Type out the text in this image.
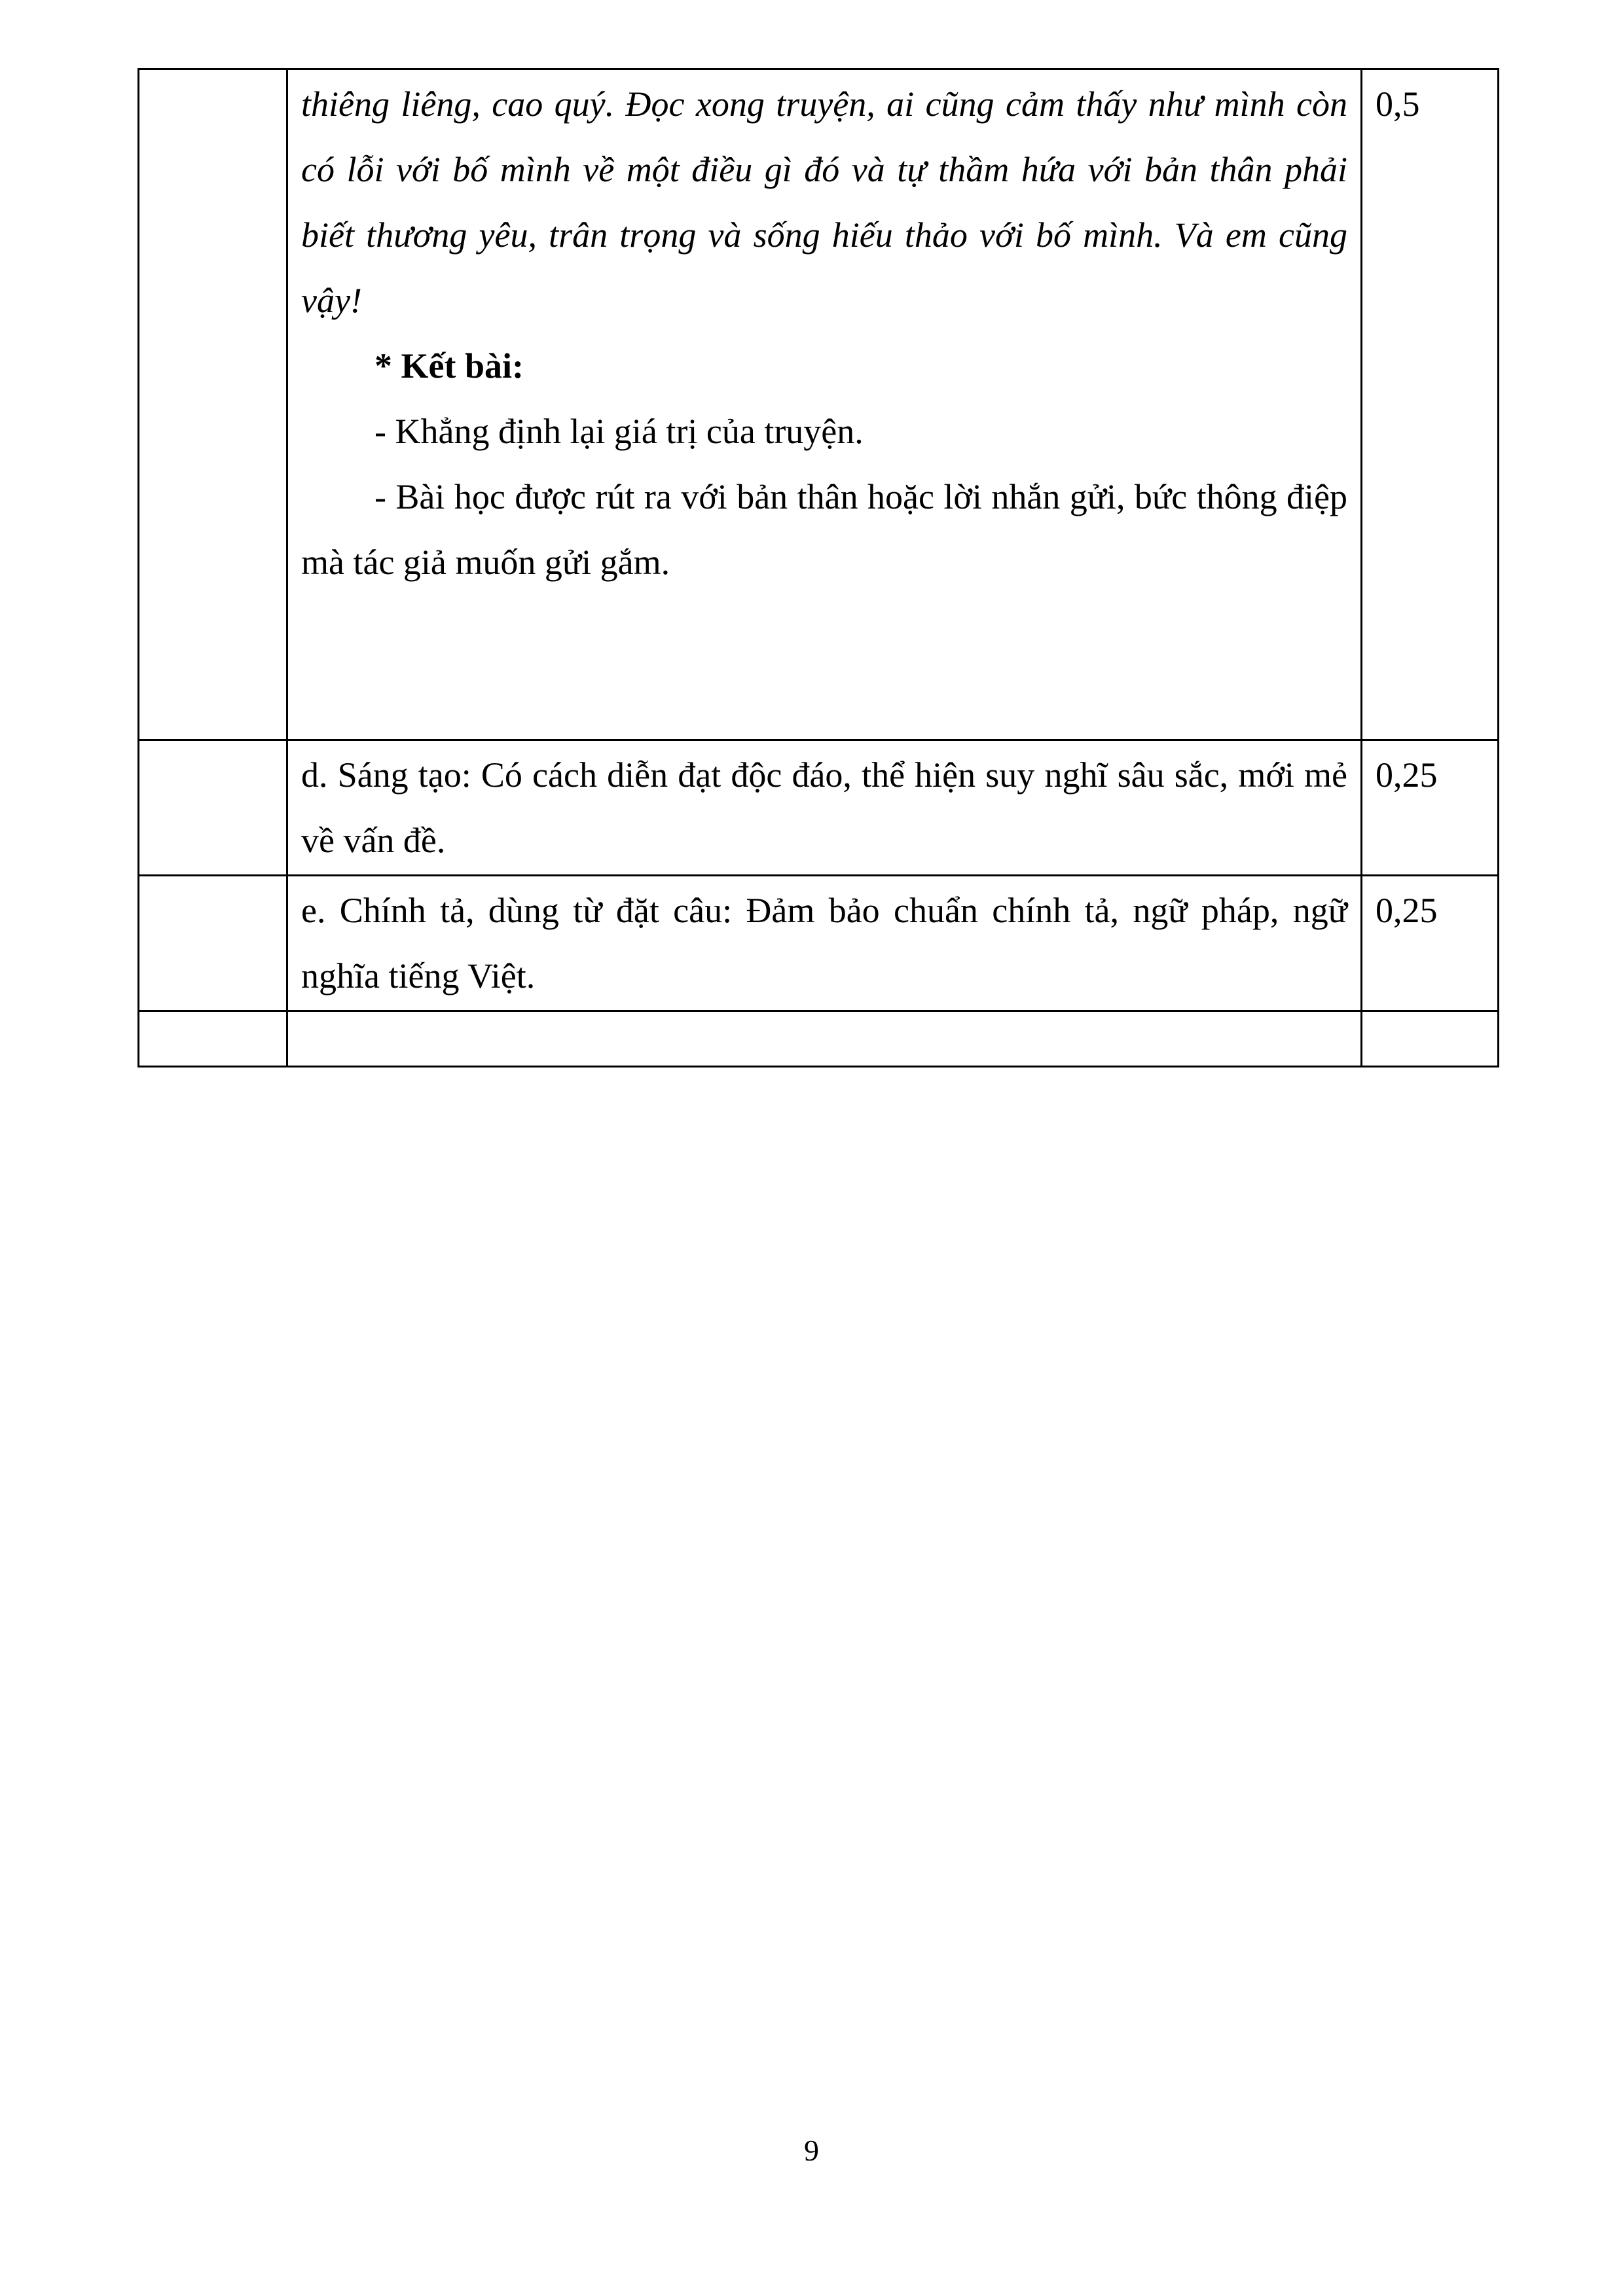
	thiêng liêng, cao quý. Đọc xong truyện, ai cũng cảm thấy như mình còn có lỗi với bố mình về một điều gì đó và tự thầm hứa với bản thân phải biết thương yêu, trân trọng và sống hiếu thảo với bố mình. Và em cũng vậy!

* Kết bài:

- Khẳng định lại giá trị của truyện.

- Bài học được rút ra với bản thân hoặc lời nhắn gửi, bức thông điệp mà tác giả muốn gửi gắm.	0,5

	d. Sáng tạo: Có cách diễn đạt độc đáo, thể hiện suy nghĩ sâu sắc, mới mẻ về vấn đề.	0,25

	e. Chính tả, dùng từ đặt câu: Đảm bảo chuẩn chính tả, ngữ pháp, ngữ nghĩa tiếng Việt.	0,25

9
